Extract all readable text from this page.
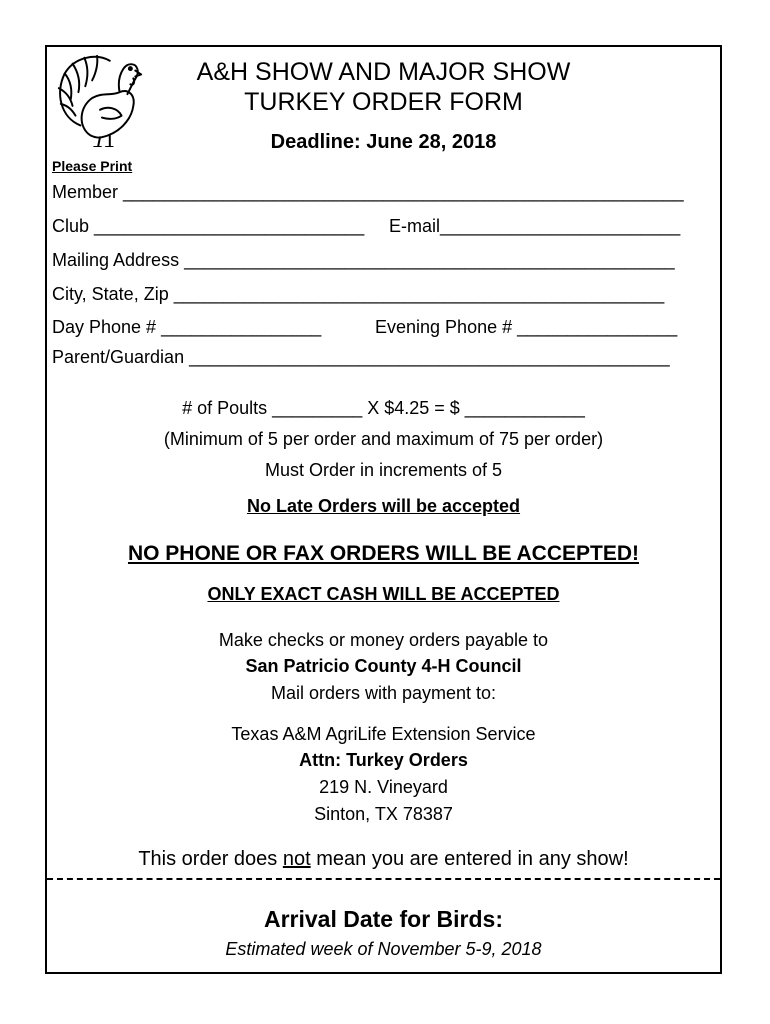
A&H SHOW AND MAJOR SHOW
TURKEY ORDER FORM
Deadline: June 28, 2018
Please Print
Member ________________________________________________________
Club ___________________________ E-mail________________________
Mailing Address _________________________________________________
City, State, Zip _________________________________________________
Day Phone # ________________	Evening Phone # ________________
Parent/Guardian ________________________________________________
# of Poults _________ X $4.25 = $ ____________
(Minimum of 5 per order and maximum of 75 per order)
Must Order in increments of 5
No Late Orders will be accepted
NO PHONE OR FAX ORDERS WILL BE ACCEPTED!
ONLY EXACT CASH WILL BE ACCEPTED
Make checks or money orders payable to
San Patricio County 4-H Council
Mail orders with payment to:
Texas A&M AgriLife Extension Service
Attn: Turkey Orders
219 N. Vineyard
Sinton, TX 78387
This order does not mean you are entered in any show!
Arrival Date for Birds:
Estimated week of November 5-9, 2018
